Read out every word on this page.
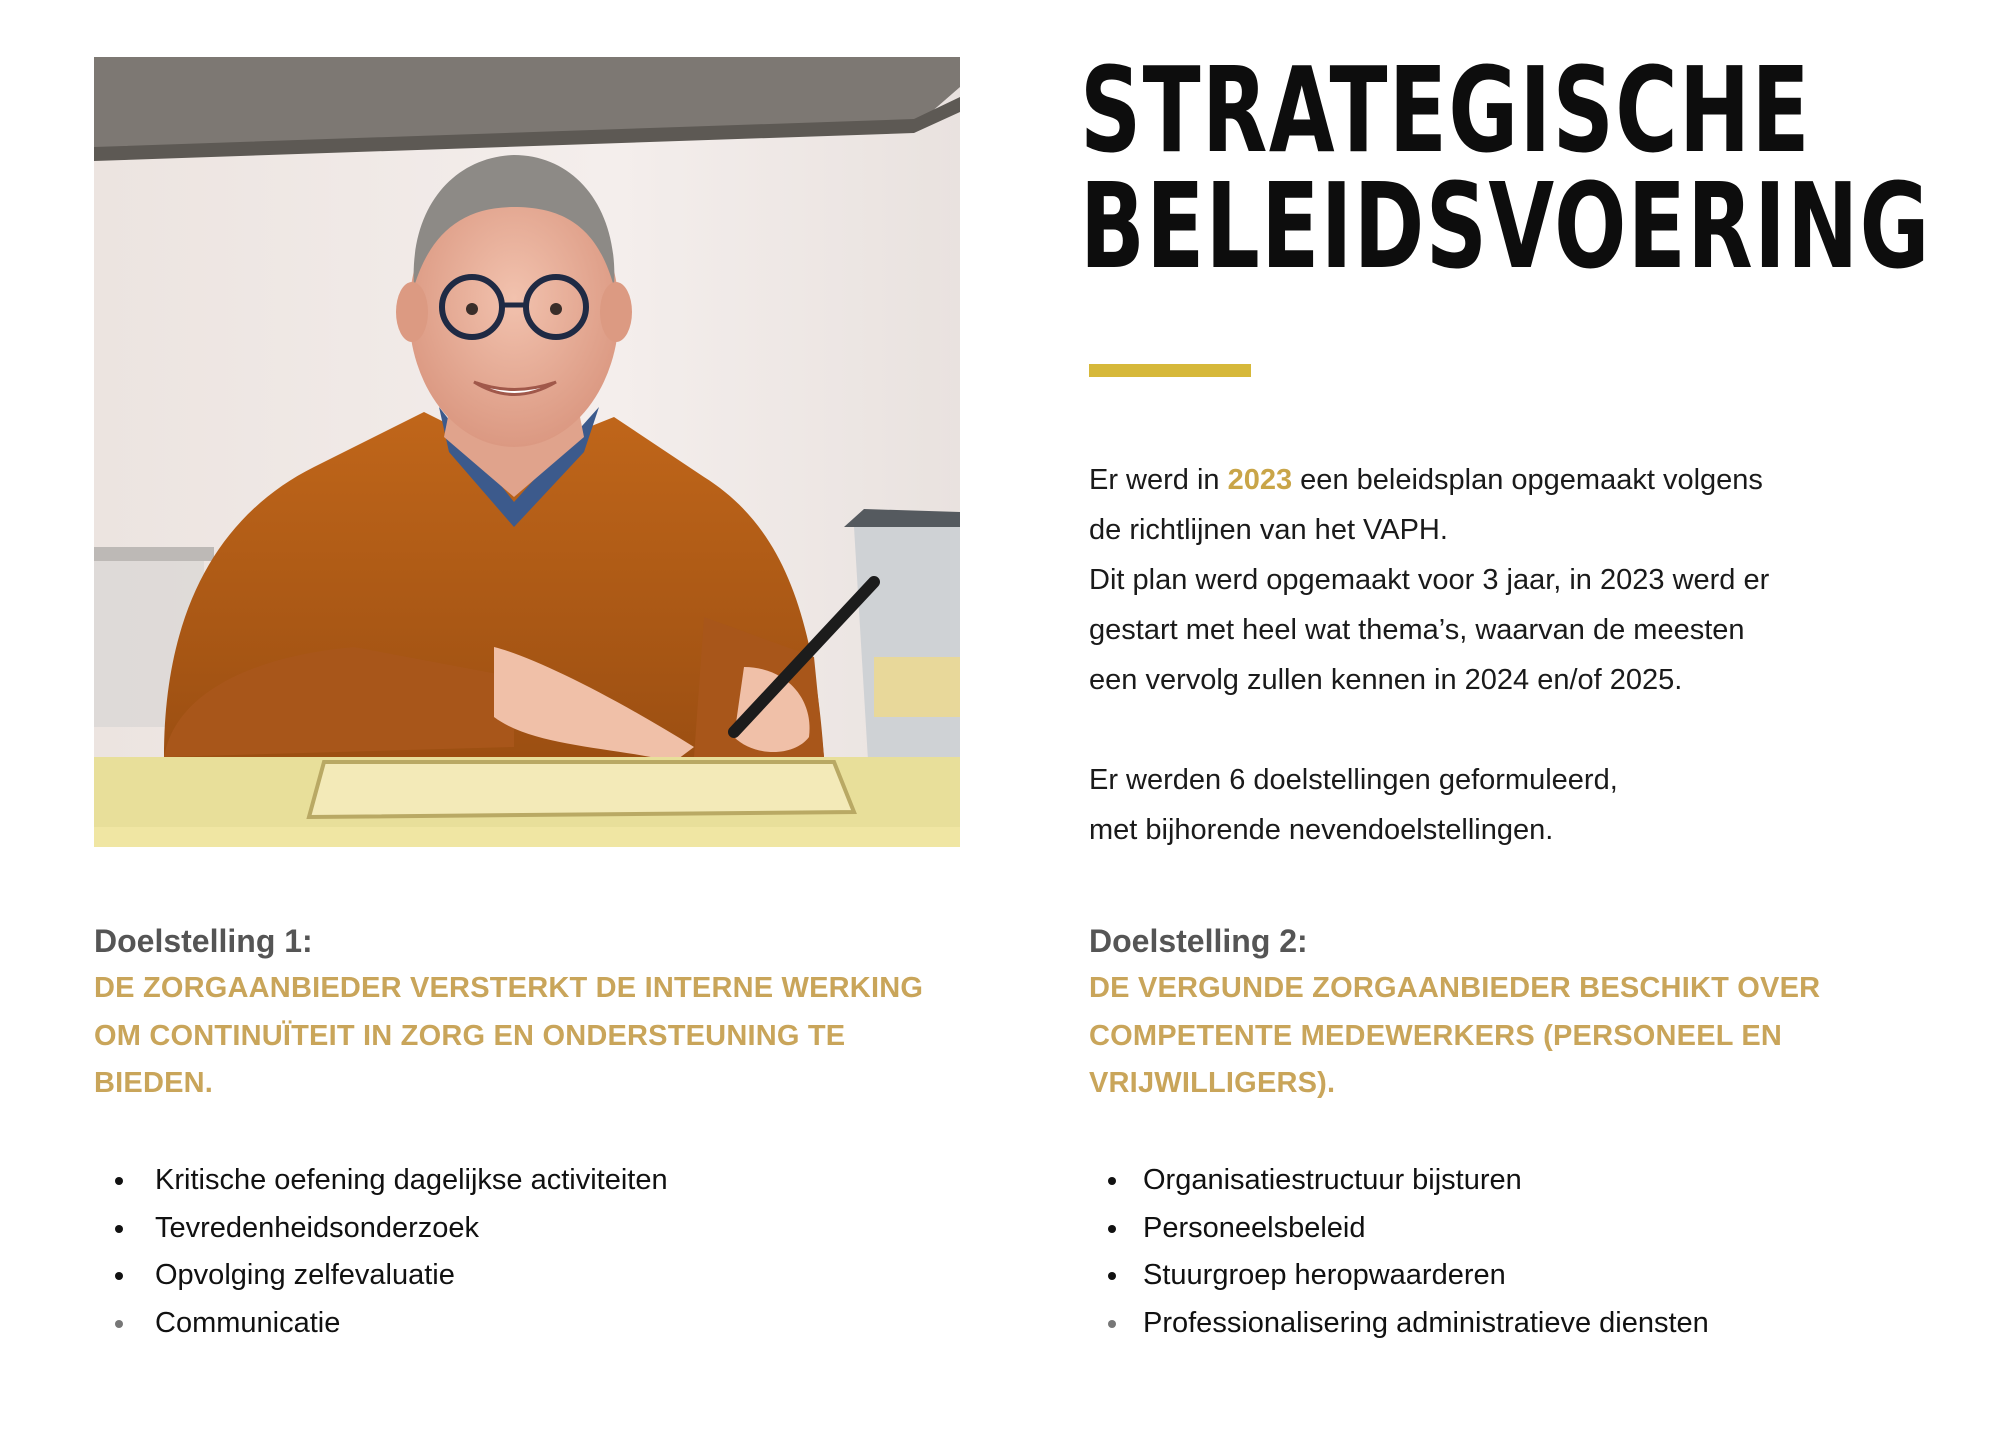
STRATEGISCHE
BELEIDSVOERING

Er werd in 2023 een beleidsplan opgemaakt volgens

de richtlijnen van het VAPH.

Dit plan werd opgemaakt voor 3 jaar, in 2023 werd er

gestart met heel wat thema’s, waarvan de meesten

een vervolg zullen kennen in 2024 en/of 2025.

Er werden 6 doelstellingen geformuleerd,

met bijhorende nevendoelstellingen.

Doelstelling 1:

DE ZORGAANBIEDER VERSTERKT DE INTERNE WERKING

OM CONTINUÏTEIT IN ZORG EN ONDERSTEUNING TE

BIEDEN.

Kritische oefening dagelijkse activiteiten
Tevredenheidsonderzoek
Opvolging zelfevaluatie
Communicatie

Doelstelling 2:

DE VERGUNDE ZORGAANBIEDER BESCHIKT OVER

COMPETENTE MEDEWERKERS (PERSONEEL EN

VRIJWILLIGERS).

Organisatiestructuur bijsturen
Personeelsbeleid
Stuurgroep heropwaarderen
Professionalisering administratieve diensten
